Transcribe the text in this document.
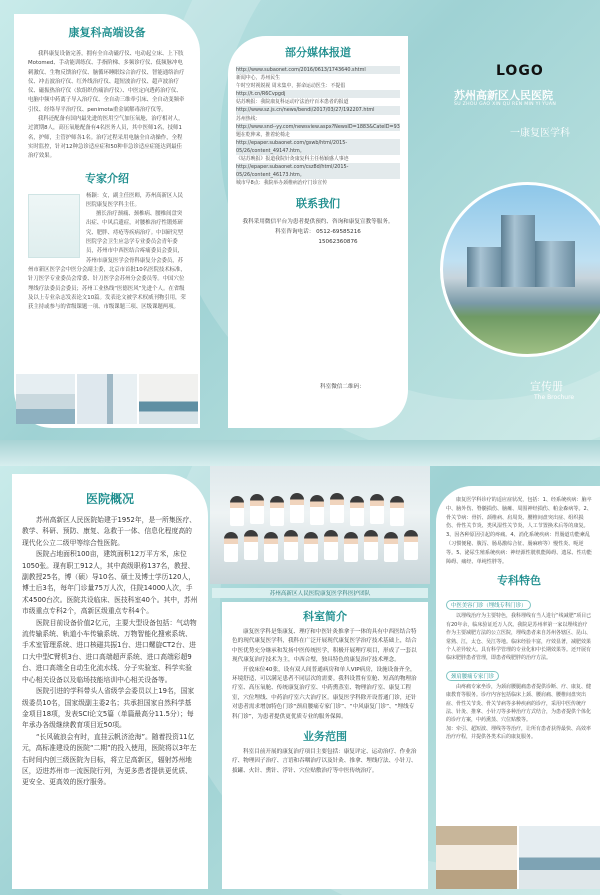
康复科高端设备
我科康复设备完善，拥有全自动磁疗仪、电动起立床、上下肢Motomed、手动能训练仪、手指阶梯、多频诊疗仪、低频脉冲电刺激仪、生物反馈治疗仪、脑循环睡眠综合治疗仪、智能通络治疗仪、冲击波治疗仪、红外线治疗仪、超短波治疗仪、超声波治疗仪、磁振热治疗仪（软组织伤痛治疗仪）、中医定向透药治疗仪、电脑中频中药离子导入治疗仪、全自动三维牵引床、全自动变频牵引仪、经络导平治疗仪、penimota重金属解毒治疗仪等。
我科还配备有国内最先进的医用空气加压氧舱，治疗相对人，过渡期8人，高压氧舱配备有4名医务人员，其中医师1名，技师1名，护师，主管护师各1名。治疗过程采用电脑全自动操作，全程实时监控，针对12种急诊适应症和50种非急诊适应症能达到最佳治疗效果。
专家介绍
杨颖：女，副主任医师，苏州高新区人民医院康复医学科主任。
擅长治疗颈痛、颈椎病、腰椎间盘突出症、中风后遗症，对腰椎治疗性锻炼研究、肥胖、痔疮等疾病治疗。中国研究型医院学会卫生应急学专业委员会青年委员，苏州市中西医结合疼痛委员会委员，苏州市康复医学会骨科康复分会委员，苏州市新区医学会中医分会副主委，北京市首批10名医院技术标准，针刀医学专业委员会常委、针刀医学会苏州分会委员等。中国穴位埋线疗法委员会委员；苏州工业热线“医德医风”先进个人。在省级及以上专业杂志发表论文10篇。发表论文被学术权威刊物引用，荣获主持或参与的省级课题一项、市级课题三项、区级课题两项。
部分媒体报道
http://www.subaonet.com/2016/0613/1743640.shtml
新闻中心，苏州民生
午时空时视锐视 周末集中，拼命运动医生：不提倡
http://t.cn/R6Cvpgdj
姑苏晚报：我院康复科运动疗法治疗百本患者的报道
http://www.sz.js.cn/news/bendi/2017/03/27/192207.html
苏州热线：
http://www.snd--yy.com/newsview.aspx?NewsID=1883&CateID=93
题在乾伸来，推着轮椅走
http://epaper.subaonet.com/gswb/html/2015-05/26/content_49147.htm。
《姑苏晚报》报道我院针灸康复科主任杨颖感人事迹
http://epaper.subaonet.com/csz8d/html/2015-05/26/content_46173.htm。
城市早8点：我院举办颈椎病治疗门诊宣传
联系我们
我科采用微信平台为患者提供预约、咨询和康复宣教等服务。
科室咨询电话： 0512-69585216
15062360876
科室微信二维码：
LOGO
苏州高新区人民医院
SU ZHOU GAO XIN QU REN MIN YI YUAN
一康复医学科
宣传册
The Brochure
医院概况
苏州高新区人民医院始建于1952年，是一所集医疗、教学、科研、预防、康复、急救于一体、信息化程度高的现代化公立二级甲等综合性医院。
医院占地面积100亩，建筑面积12万平方米，床位1050张。现有职工912人，其中高级职称137名，教授、副教授25名，博（硕）导10名、硕士及博士学历120人，博士后3名，每年门诊量75万人次，住院14000人次，手术4500台次。医院共设临床、医技科室40个。其中，苏州市级重点专科2个，高新区级重点专科4个。
医院目前设备价值2亿元，主要大型设备包括：气动物流传输系统、轨道小车传输系统、万物智能化搜索系统、手术室管理系统、进口核磁共振1台、进口螺旋CT2台、进口大中型C臂机3台、进口高端超声系统、进口高端彩超9台、进口高端全自动生化流水线、分子实验室、科学实验中心相关设备以及临场技能培训中心相关设备等。
医院引进的学科带头人省级学会委员以上19名，国家级委员10名，国家级副主委2名；共承担国家自然科学基金项目18项，发表SCI论文5篇（单篇最高分11.5分）；每年承办各级继续教育项目近50项。
“长风破浪会有时，直挂云帆济沧海”。随着投资11亿元，高标准建设的医院“二期”的投入使用，医院将以3年左右时间内创三级医院为目标，将立足高新区，辐射苏州地区，迈进苏州市一流医院行列，为更多患者提供更优质、更安全、更高效的医疗服务。
苏州高新区人民医院康复医学科医护团队
科室简介
康复医学科是集康复、理疗和中医针灸推拿于一体的具有中西医结合特色的现代康复医学科，我科在广泛开展现代康复医学治疗技术基础上，结合中医优势充分继承和发扬中医传统医学，积极开展理疗项目，形成了一套以现代康复治疗技术为主，中西合璧，独具特色的康复治疗技术理念。
开放床位40张，设有双人间普通病房和单人VIP病房，设施设备齐全，环境舒适，可以满足患者不同层次的需要。我科设置有室舱、短高的物理治疗室、高压氧舱、传统康复治疗室、中药熏蒸室、物理治疗室、康复工程室，穴位埋线、中药治疗室六大治疗区。康复医学科除开设普通门诊，还针对患者需求增加特色门诊“颈肩腰痛专家门诊”、“中风康复门诊”、“埋线专科门诊”，为患者提供更优质专业的服务保障。
业务范围
科室目前开展的康复治疗项目主要包括：康复评定、运动治疗、作业治疗、物理因子治疗、言语和吞咽治疗以及针灸、推拿、埋线疗法、小针刀、拔罐、火针、熏针、浮针、穴位贴敷治疗等中医传统治疗。
康复医学科诊疗的适应症状况，包括：1、经系统疾病：脑卒中、脑外伤、脊髓损伤、脑瘫、周围神经损伤、帕金森病等。2、骨关节病：骨折、颈椎病、肩周炎、腰椎间盘突出症、组织损伤、骨性关节炎、类风湿性关节炎、人工节置换术后等的康复。3、因各种原因引起的疼痛。4、消化系统疾病：胃肠道功能紊乱（习惯便秘、腹泻、肠易激综合征、肠麻痹等）慢性炎、呃逆等。5、泌尿生殖系统疾病：神经源性胱机能障碍、遗尿、性功能障碍、痛经、单纯性胖等。
专科特色
中医美容门诊（埋线专科门诊）
以埋线治疗为主要特色，我科埋线有当人进行“线减肥”项目已有20年余，临床验证近万人次。我院是苏州率第一家以埋线治疗作为主要减肥方法的公立医院，埋线患者来自苏州各辖区、昆山、常熟、江，太仓、吴江等地。临床经验丰富，疗效显著，减肥效果个人差异较大。具有科学管理的专业化和中长期效果等。还开展有临床肥胖患者管理，即患者线肥胖的治疗方法。
颈肩腰痛专家门诊
由疼痛专家坐诊，为颈肩腰腿痛患者提供诊断、疗、康复、健康教育等服务。诊疗内容包括临床上颈、腰肩痛、腰椎间盘突出症、骨性关节炎、骨关节病等多种疾病的诊疗，采用中医传统疗法、针灸、推拿、小针刀等多种治疗方式结合，为患者提供个体化的诊疗方案，中药熏蒸、穴位贴敷等。
加：牵引、超短波、埋线等等治疗，让所有患者获得最快、高效率治疗疗程，并提供各类术后的康复服务。
